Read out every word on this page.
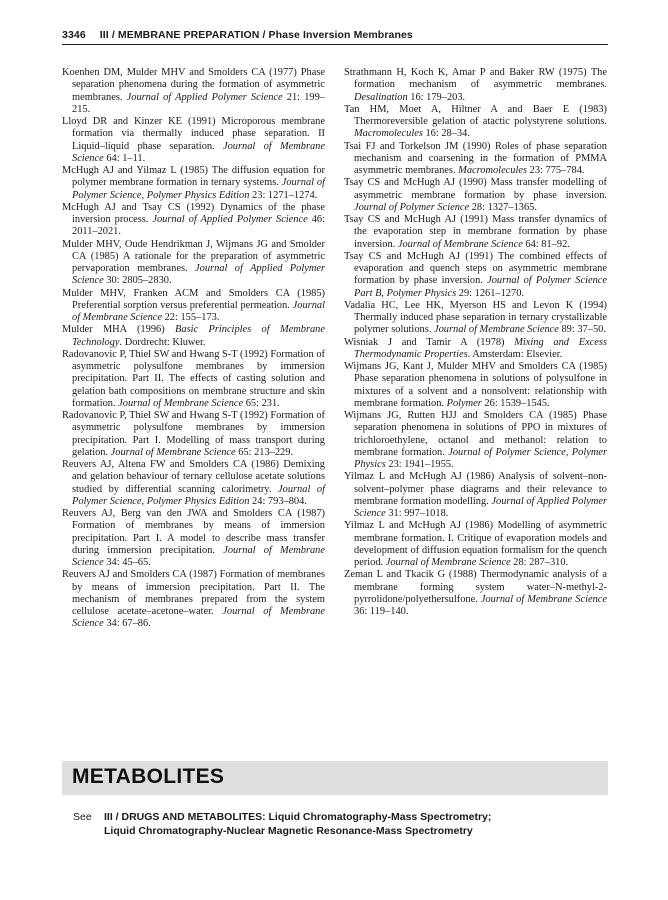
3346 III / MEMBRANE PREPARATION / Phase Inversion Membranes

Koenhen DM, Mulder MHV and Smolders CA (1977) Phase separation phenomena during the formation of asymmetric membranes. Journal of Applied Polymer Science 21: 199–215.

Lloyd DR and Kinzer KE (1991) Microporous membrane formation via thermally induced phase separation. II Liquid–liquid phase separation. Journal of Membrane Science 64: 1–11.

McHugh AJ and Yilmaz L (1985) The diffusion equation for polymer membrane formation in ternary systems. Journal of Polymer Science, Polymer Physics Edition 23: 1271–1274.

McHugh AJ and Tsay CS (1992) Dynamics of the phase inversion process. Journal of Applied Polymer Science 46: 2011–2021.

Mulder MHV, Oude Hendrikman J, Wijmans JG and Smolder CA (1985) A rationale for the preparation of asymmetric pervaporation membranes. Journal of Applied Polymer Science 30: 2805–2830.

Mulder MHV, Franken ACM and Smolders CA (1985) Preferential sorption versus preferential permeation. Journal of Membrane Science 22: 155–173.

Mulder MHA (1996) Basic Principles of Membrane Technology. Dordrecht: Kluwer.

Radovanovic P, Thiel SW and Hwang S-T (1992) Formation of asymmetric polysulfone membranes by immersion precipitation. Part II. The effects of casting solution and gelation bath compositions on membrane structure and skin formation. Journal of Membrane Science 65: 231.

Radovanovic P, Thiel SW and Hwang S-T (1992) Formation of asymmetric polysulfone membranes by immersion precipitation. Part I. Modelling of mass transport during gelation. Journal of Membrane Science 65: 213–229.

Reuvers AJ, Altena FW and Smolders CA (1986) Demixing and gelation behaviour of ternary cellulose acetate solutions studied by differential scanning calorimetry. Journal of Polymer Science, Polymer Physics Edition 24: 793–804.

Reuvers AJ, Berg van den JWA and Smolders CA (1987) Formation of membranes by means of immersion precipitation. Part I. A model to describe mass transfer during immersion precipitation. Journal of Membrane Science 34: 45–65.

Reuvers AJ and Smolders CA (1987) Formation of membranes by means of immersion precipitation. Part II. The mechanism of membranes prepared from the system cellulose acetate–acetone–water. Journal of Membrane Science 34: 67–86.

Strathmann H, Koch K, Amar P and Baker RW (1975) The formation mechanism of asymmetric membranes. Desalination 16: 179–203.

Tan HM, Moet A, Hiltner A and Baer E (1983) Thermoreversible gelation of atactic polystyrene solutions. Macromolecules 16: 28–34.

Tsai FJ and Torkelson JM (1990) Roles of phase separation mechanism and coarsening in the formation of PMMA asymmetric membranes. Macromolecules 23: 775–784.

Tsay CS and McHugh AJ (1990) Mass transfer modelling of asymmetric membrane formation by phase inversion. Journal of Polymer Science 28: 1327–1365.

Tsay CS and McHugh AJ (1991) Mass transfer dynamics of the evaporation step in membrane formation by phase inversion. Journal of Membrane Science 64: 81–92.

Tsay CS and McHugh AJ (1991) The combined effects of evaporation and quench steps on asymmetric membrane formation by phase inversion. Journal of Polymer Science Part B, Polymer Physics 29: 1261–1270.

Vadalia HC, Lee HK, Myerson HS and Levon K (1994) Thermally induced phase separation in ternary crystallizable polymer solutions. Journal of Membrane Science 89: 37–50.

Wisniak J and Tamir A (1978) Mixing and Excess Thermodynamic Properties. Amsterdam: Elsevier.

Wijmans JG, Kant J, Mulder MHV and Smolders CA (1985) Phase separation phenomena in solutions of polysulfone in mixtures of a solvent and a nonsolvent: relationship with membrane formation. Polymer 26: 1539–1545.

Wijmans JG, Rutten HJJ and Smolders CA (1985) Phase separation phenomena in solutions of PPO in mixtures of trichloroethylene, octanol and methanol: relation to membrane formation. Journal of Polymer Science, Polymer Physics 23: 1941–1955.

Yilmaz L and McHugh AJ (1986) Analysis of solvent–non-solvent–polymer phase diagrams and their relevance to membrane formation modelling. Journal of Applied Polymer Science 31: 997–1018.

Yilmaz L and McHugh AJ (1986) Modelling of asymmetric membrane formation. I. Critique of evaporation models and development of diffusion equation formalism for the quench period. Journal of Membrane Science 28: 287–310.

Zeman L and Tkacik G (1988) Thermodynamic analysis of a membrane forming system water–N-methyl-2-pyrrolidone/polyethersulfone. Journal of Membrane Science 36: 119–140.

METABOLITES
See III / DRUGS AND METABOLITES: Liquid Chromatography-Mass Spectrometry;
Liquid Chromatography-Nuclear Magnetic Resonance-Mass Spectrometry
